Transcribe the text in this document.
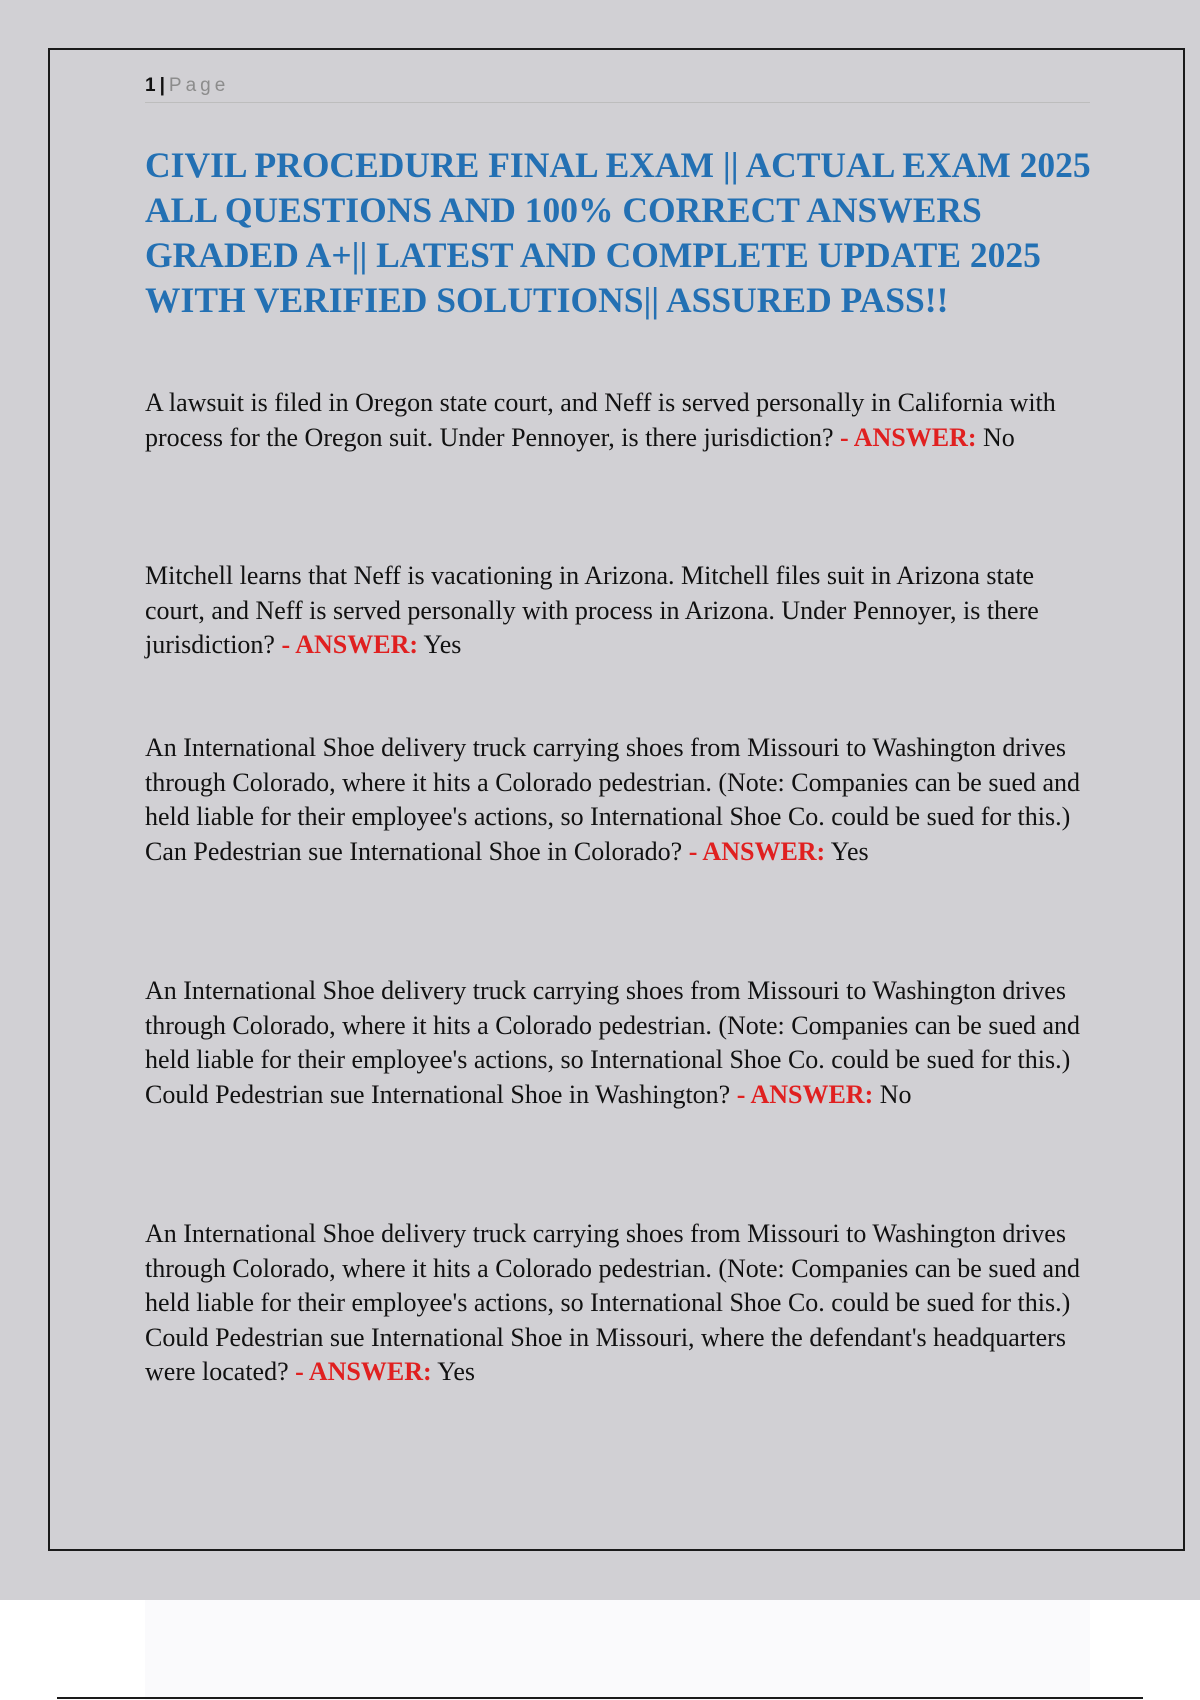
1 | Page
CIVIL PROCEDURE FINAL EXAM || ACTUAL EXAM 2025 ALL QUESTIONS AND 100% CORRECT ANSWERS GRADED A+|| LATEST AND COMPLETE UPDATE 2025 WITH VERIFIED SOLUTIONS|| ASSURED PASS!!

A lawsuit is filed in Oregon state court, and Neff is served personally in California with process for the Oregon suit. Under Pennoyer, is there jurisdiction? - ANSWER: No

Mitchell learns that Neff is vacationing in Arizona. Mitchell files suit in Arizona state court, and Neff is served personally with process in Arizona. Under Pennoyer, is there jurisdiction? - ANSWER: Yes

An International Shoe delivery truck carrying shoes from Missouri to Washington drives through Colorado, where it hits a Colorado pedestrian. (Note: Companies can be sued and held liable for their employee's actions, so International Shoe Co. could be sued for this.) Can Pedestrian sue International Shoe in Colorado? - ANSWER: Yes

An International Shoe delivery truck carrying shoes from Missouri to Washington drives through Colorado, where it hits a Colorado pedestrian. (Note: Companies can be sued and held liable for their employee's actions, so International Shoe Co. could be sued for this.) Could Pedestrian sue International Shoe in Washington? - ANSWER: No

An International Shoe delivery truck carrying shoes from Missouri to Washington drives through Colorado, where it hits a Colorado pedestrian. (Note: Companies can be sued and held liable for their employee's actions, so International Shoe Co. could be sued for this.) Could Pedestrian sue International Shoe in Missouri, where the defendant's headquarters were located? - ANSWER: Yes
